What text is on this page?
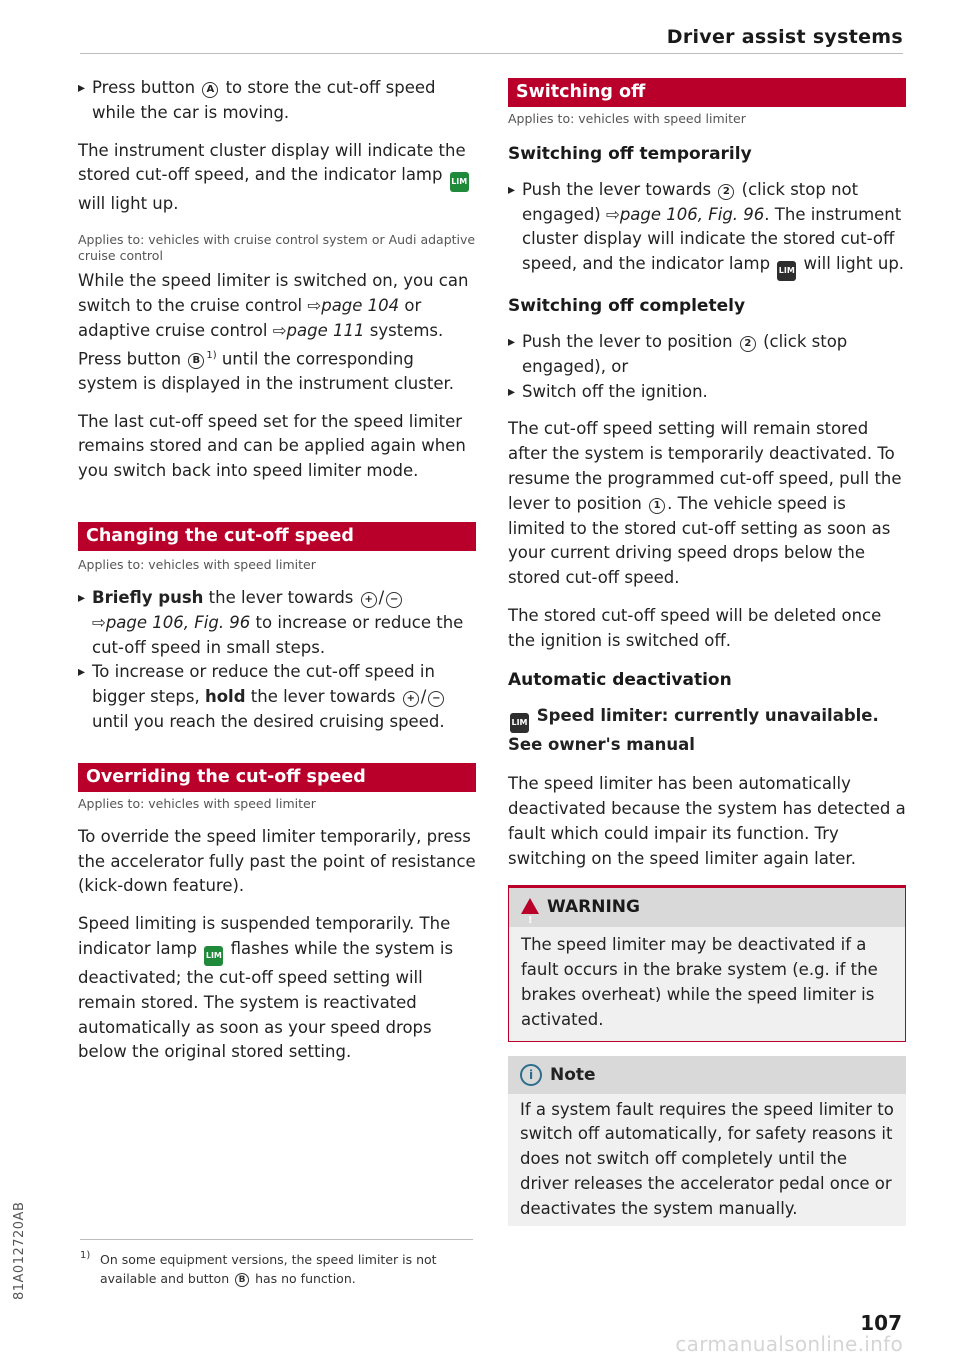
Driver assist systems
▸ Press button A to store the cut-off speed while the car is moving.

The instrument cluster display will indicate the stored cut-off speed, and the indicator lamp LIM will light up.

Applies to: vehicles with cruise control system or Audi adaptive cruise control

While the speed limiter is switched on, you can switch to the cruise control ⇨page 104 or adaptive cruise control ⇨page 111 systems. Press button B $^{1)}$ until the corresponding system is displayed in the instrument cluster.

The last cut-off speed set for the speed limiter remains stored and can be applied again when you switch back into speed limiter mode.

Changing the cut-off speed

Applies to: vehicles with speed limiter

▸ Briefly push the lever towards + / −
⇨page 106, Fig. 96 to increase or reduce the cut-off speed in small steps.
▸ To increase or reduce the cut-off speed in bigger steps, hold the lever towards + / − until you reach the desired cruising speed.
Overriding the cut-off speed

Applies to: vehicles with speed limiter

To override the speed limiter temporarily, press the accelerator fully past the point of resistance (kick-down feature).

Speed limiting is suspended temporarily. The indicator lamp LIM flashes while the system is deactivated; the cut-off speed setting will remain stored. The system is reactivated automatically as soon as your speed drops below the original stored setting.

Switching off

Applies to: vehicles with speed limiter

Switching off temporarily

▸ Push the lever towards 2 (click stop not engaged) ⇨page 106, Fig. 96. The instrument cluster display will indicate the stored cut-off speed, and the indicator lamp LIM will light up.

Switching off completely

▸ Push the lever to position 2 (click stop engaged), or
▸ Switch off the ignition.

The cut-off speed setting will remain stored after the system is temporarily deactivated. To resume the programmed cut-off speed, pull the lever to position 1 . The vehicle speed is limited to the stored cut-off setting as soon as your current driving speed drops below the stored cut-off speed.

The stored cut-off speed will be deleted once the ignition is switched off.

Automatic deactivation

LIM Speed limiter: currently unavailable. See owner's manual

The speed limiter has been automatically deactivated because the system has detected a fault which could impair its function. Try switching on the speed limiter again later.

!
WARNING

The speed limiter may be deactivated if a fault occurs in the brake system (e.g. if the brakes overheat) while the speed limiter is activated.

i Note

If a system fault requires the speed limiter to switch off automatically, for safety reasons it does not switch off completely until the driver releases the accelerator pedal once or deactivates the system manually.

1) On some equipment versions, the speed limiter is not available and button B has no function.
81A012720AB
107
carmanualsonline.info
